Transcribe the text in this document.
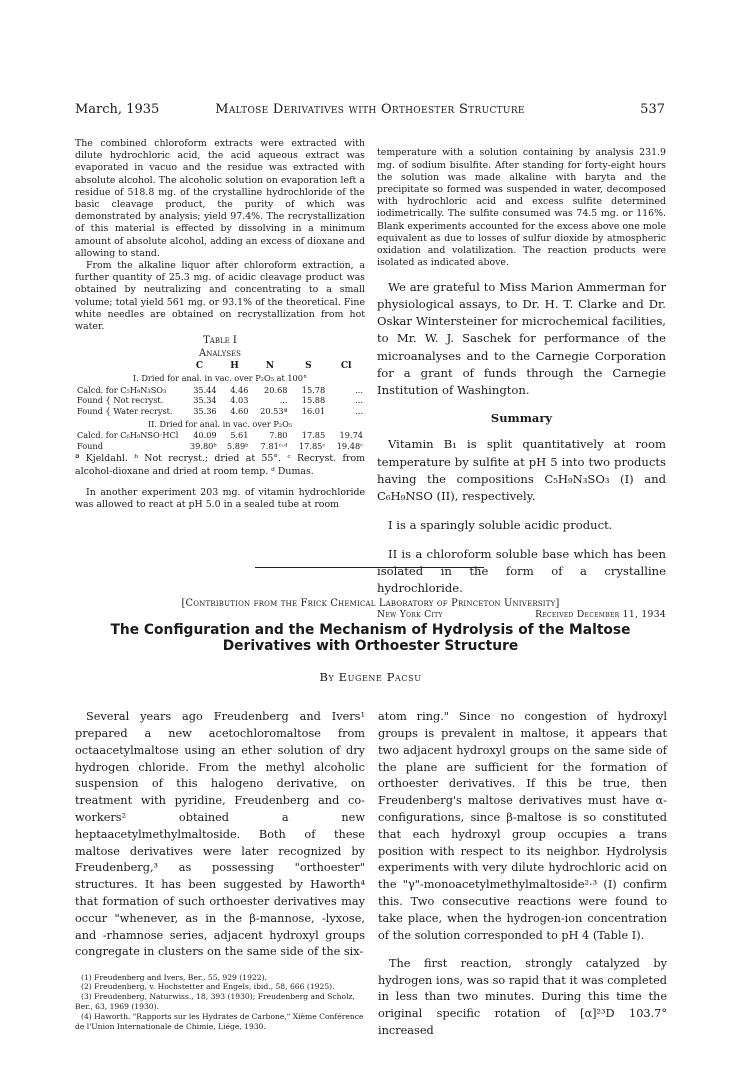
March, 1935	Maltose Derivatives with Orthoester Structure	537

The combined chloroform extracts were extracted with dilute hydrochloric acid, the acid aqueous extract was evaporated in vacuo and the residue was extracted with absolute alcohol. The alcoholic solution on evaporation left a residue of 518.8 mg. of the crystalline hydrochloride of the basic cleavage product, the purity of which was demonstrated by analysis; yield 97.4%. The recrystallization of this material is effected by dissolving in a minimum amount of absolute alcohol, adding an excess of dioxane and allowing to stand.

From the alkaline liquor after chloroform extraction, a further quantity of 25.3 mg. of acidic cleavage product was obtained by neutralizing and concentrating to a small volume; total yield 561 mg. or 93.1% of the theoretical. Fine white needles are obtained on recrystallization from hot water.

Table I
Analyses
	C	H	N	S	Cl
I. Dried for anal. in vac. over P₂O₅ at 100°					
Calcd. for C₅H₉N₃SO₃	35.44	4.46	20.68	15.78	...
Found { Not recryst.	35.34	4.03	...	15.88	...
Found { Water recryst.	35.36	4.60	20.53ª	16.01	...
II. Dried for anal. in vac. over P₂O₅					
Calcd. for C₆H₉NSO·HCl	40.09	5.61	7.80	17.85	19.74
Found	39.80ᵇ	5.89ᵇ	7.81ᶜ·ᵈ	17.85ᶜ	19.48ᶜ
ª Kjeldahl. ᵇ Not recryst.; dried at 55°. ᶜ Recryst. from alcohol-dioxane and dried at room temp. ᵈ Dumas.

In another experiment 203 mg. of vitamin hydrochloride was allowed to react at pH 5.0 in a sealed tube at room

temperature with a solution containing by analysis 231.9 mg. of sodium bisulfite. After standing for forty-eight hours the solution was made alkaline with baryta and the precipitate so formed was suspended in water, decomposed with hydrochloric acid and excess sulfite determined iodimetrically. The sulfite consumed was 74.5 mg. or 116%. Blank experiments accounted for the excess above one mole equivalent as due to losses of sulfur dioxide by atmospheric oxidation and volatilization. The reaction products were isolated as indicated above.

We are grateful to Miss Marion Ammerman for physiological assays, to Dr. H. T. Clarke and Dr. Oskar Wintersteiner for microchemical facilities, to Mr. W. J. Saschek for performance of the microanalyses and to the Carnegie Corporation for a grant of funds through the Carnegie Institution of Washington.

Summary

Vitamin B₁ is split quantitatively at room temperature by sulfite at pH 5 into two products having the compositions C₅H₉N₃SO₃ (I) and C₆H₉NSO (II), respectively.

I is a sparingly soluble acidic product.

II is a chloroform soluble base which has been isolated in the form of a crystalline hydrochloride.

New York City	Received December 11, 1934
[Contribution from the Frick Chemical Laboratory of Princeton University]
The Configuration and the Mechanism of Hydrolysis of the Maltose Derivatives with Orthoester Structure
By Eugene Pacsu

Several years ago Freudenberg and Ivers¹ prepared a new acetochloromaltose from octaacetylmaltose using an ether solution of dry hydrogen chloride. From the methyl alcoholic suspension of this halogeno derivative, on treatment with pyridine, Freudenberg and co-workers² obtained a new heptaacetylmethylmaltoside. Both of these maltose derivatives were later recognized by Freudenberg,³ as possessing "orthoester" structures. It has been suggested by Haworth⁴ that formation of such orthoester derivatives may occur "whenever, as in the β-mannose, -lyxose, and -rhamnose series, adjacent hydroxyl groups congregate in clusters on the same side of the six-

(1) Freudenberg and Ivers, Ber., 55, 929 (1922).

(2) Freudenberg, v. Hochstetter and Engels, ibid., 58, 666 (1925).

(3) Freudenberg, Naturwiss., 18, 393 (1930); Freudenberg and Scholz, Ber., 63, 1969 (1930).

(4) Haworth. "Rapports sur les Hydrates de Carbone," Xième Conférence de l'Union Internationale de Chimie, Liége, 1930.

atom ring." Since no congestion of hydroxyl groups is prevalent in maltose, it appears that two adjacent hydroxyl groups on the same side of the plane are sufficient for the formation of orthoester derivatives. If this be true, then Freudenberg's maltose derivatives must have α-configurations, since β-maltose is so constituted that each hydroxyl group occupies a trans position with respect to its neighbor. Hydrolysis experiments with very dilute hydrochloric acid on the "γ"-monoacetylmethylmaltoside²·³ (I) confirm this. Two consecutive reactions were found to take place, when the hydrogen-ion concentration of the solution corresponded to pH 4 (Table I).

The first reaction, strongly catalyzed by hydrogen ions, was so rapid that it was completed in less than two minutes. During this time the original specific rotation of [α]²³D 103.7° increased
